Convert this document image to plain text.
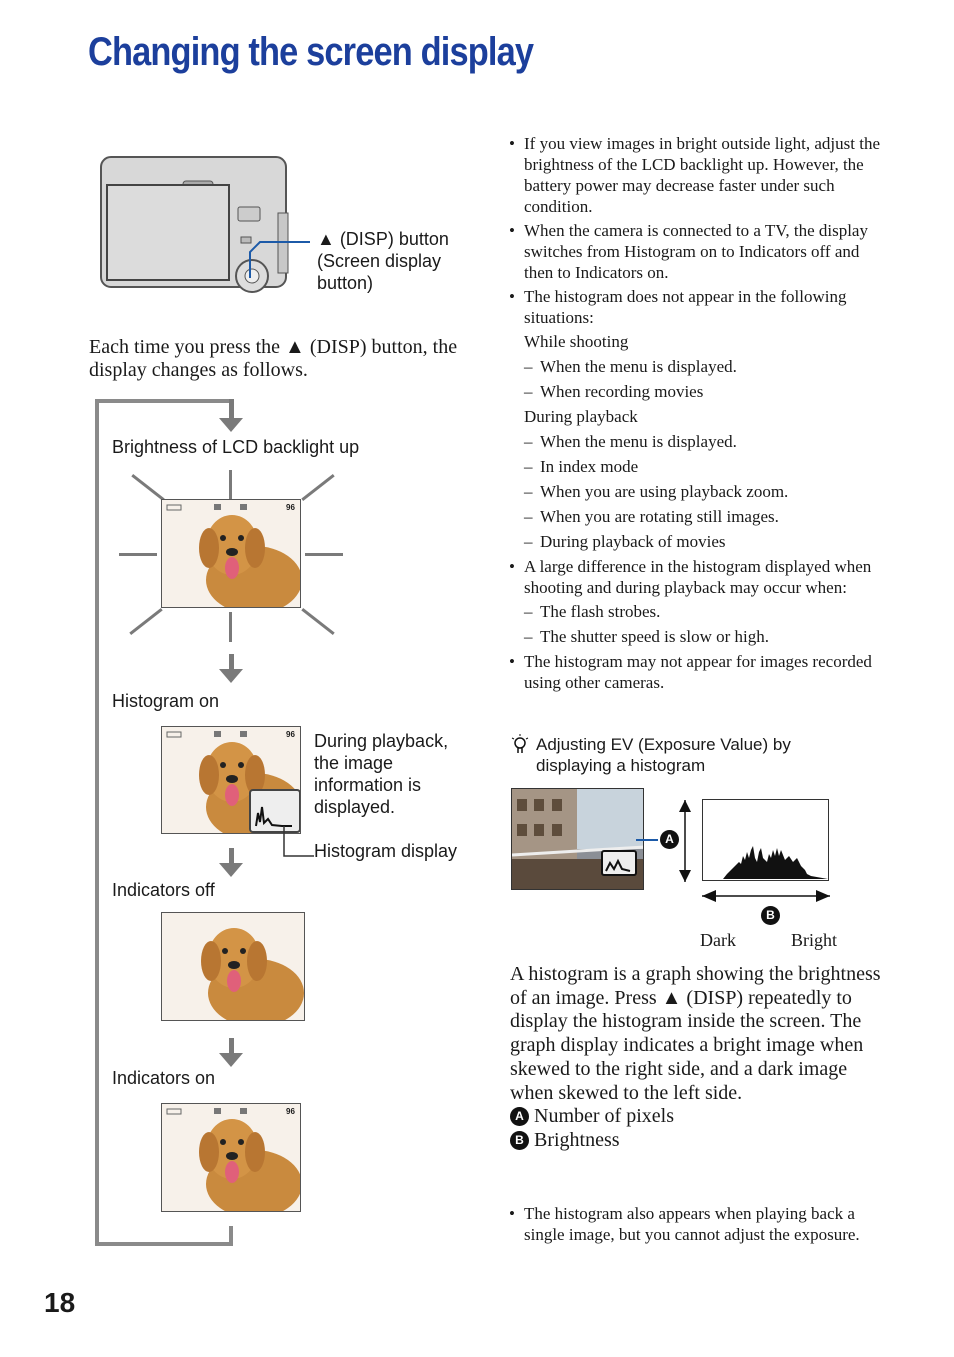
Changing the screen display
▲ (DISP) button (Screen display button)
Each time you press the ▲ (DISP) button, the display changes as follows.
Brightness of LCD backlight up
96
Histogram on
96 During playback, the image information is displayed.
Histogram display
Indicators off
Indicators on
96
• If you view images in bright outside light, adjust the brightness of the LCD backlight up. However, the battery power may decrease faster under such condition.
• When the camera is connected to a TV, the display switches from Histogram on to Indicators off and then to Indicators on.
• The histogram does not appear in the following situations:
While shooting
– When the menu is displayed.
– When recording movies
During playback
– When the menu is displayed.
– In index mode
– When you are using playback zoom.
– When you are rotating still images.
– During playback of movies
• A large difference in the histogram displayed when shooting and during playback may occur when:
– The flash strobes.
– The shutter speed is slow or high.
• The histogram may not appear for images recorded using other cameras.
Adjusting EV (Exposure Value) by displaying a histogram
A
B
Dark	Bright
A histogram is a graph showing the brightness of an image. Press ▲ (DISP) repeatedly to display the histogram inside the screen. The graph display indicates a bright image when skewed to the right side, and a dark image when skewed to the left side.
A Number of pixels
B Brightness
• The histogram also appears when playing back a single image, but you cannot adjust the exposure.
18
